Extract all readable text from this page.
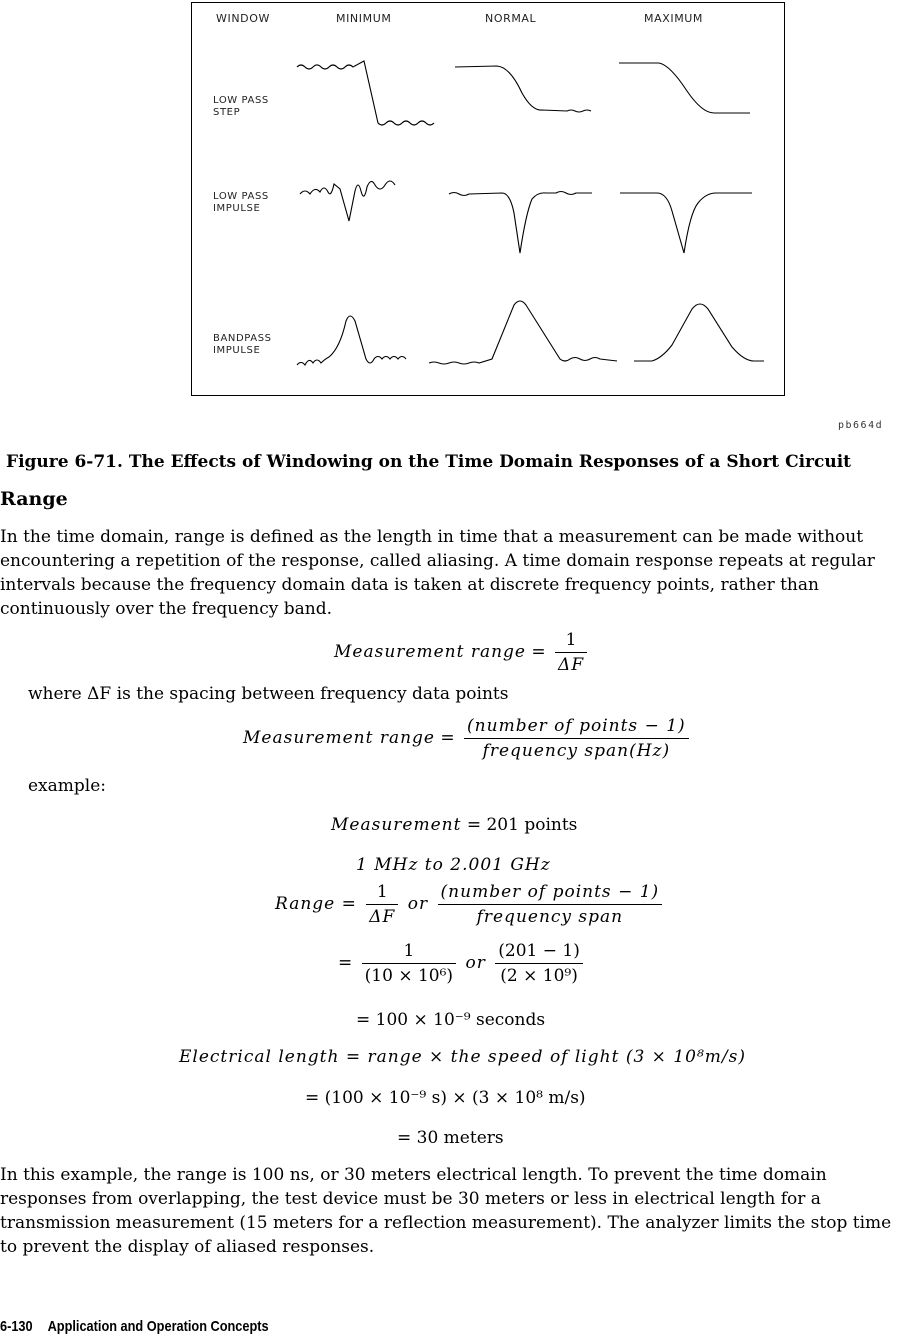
WINDOW	MINIMUM	NORMAL	MAXIMUM
LOW PASS
STEP
LOW PASS
IMPULSE
BANDPASS
IMPULSE
pb664d
Figure 6-71. The Effects of Windowing on the Time Domain Responses of a Short Circuit
Range
In the time domain, range is defined as the length in time that a measurement can be made without encountering a repetition of the response, called aliasing. A time domain response repeats at regular intervals because the frequency domain data is taken at discrete frequency points, rather than continuously over the frequency band.
Measurement range = $\frac{1}{\Delta F}$
where ΔF is the spacing between frequency data points
Measurement range = $\frac{\text{(number of points − 1)}}{\text{frequency span(Hz)}}$
example:
Measurement = 201 points
1 MHz to 2.001 GHz
Range = $\frac{1}{\Delta F}$ or $\frac{\text{(number of points − 1)}}{\text{frequency span}}$
= $\frac{1}{\text{(10 × 10⁶)}}$ or $\frac{(201 - 1)}{\text{(2 × 10⁹)}}$
= 100 × 10⁻⁹ seconds
Electrical length = range × the speed of light (3 × 10⁸m/s)
= (100 × 10⁻⁹ s) × (3 × 10⁸ m/s)
= 30 meters
In this example, the range is 100 ns, or 30 meters electrical length. To prevent the time domain responses from overlapping, the test device must be 30 meters or less in electrical length for a transmission measurement (15 meters for a reflection measurement). The analyzer limits the stop time to prevent the display of aliased responses.
6-130 Application and Operation Concepts
